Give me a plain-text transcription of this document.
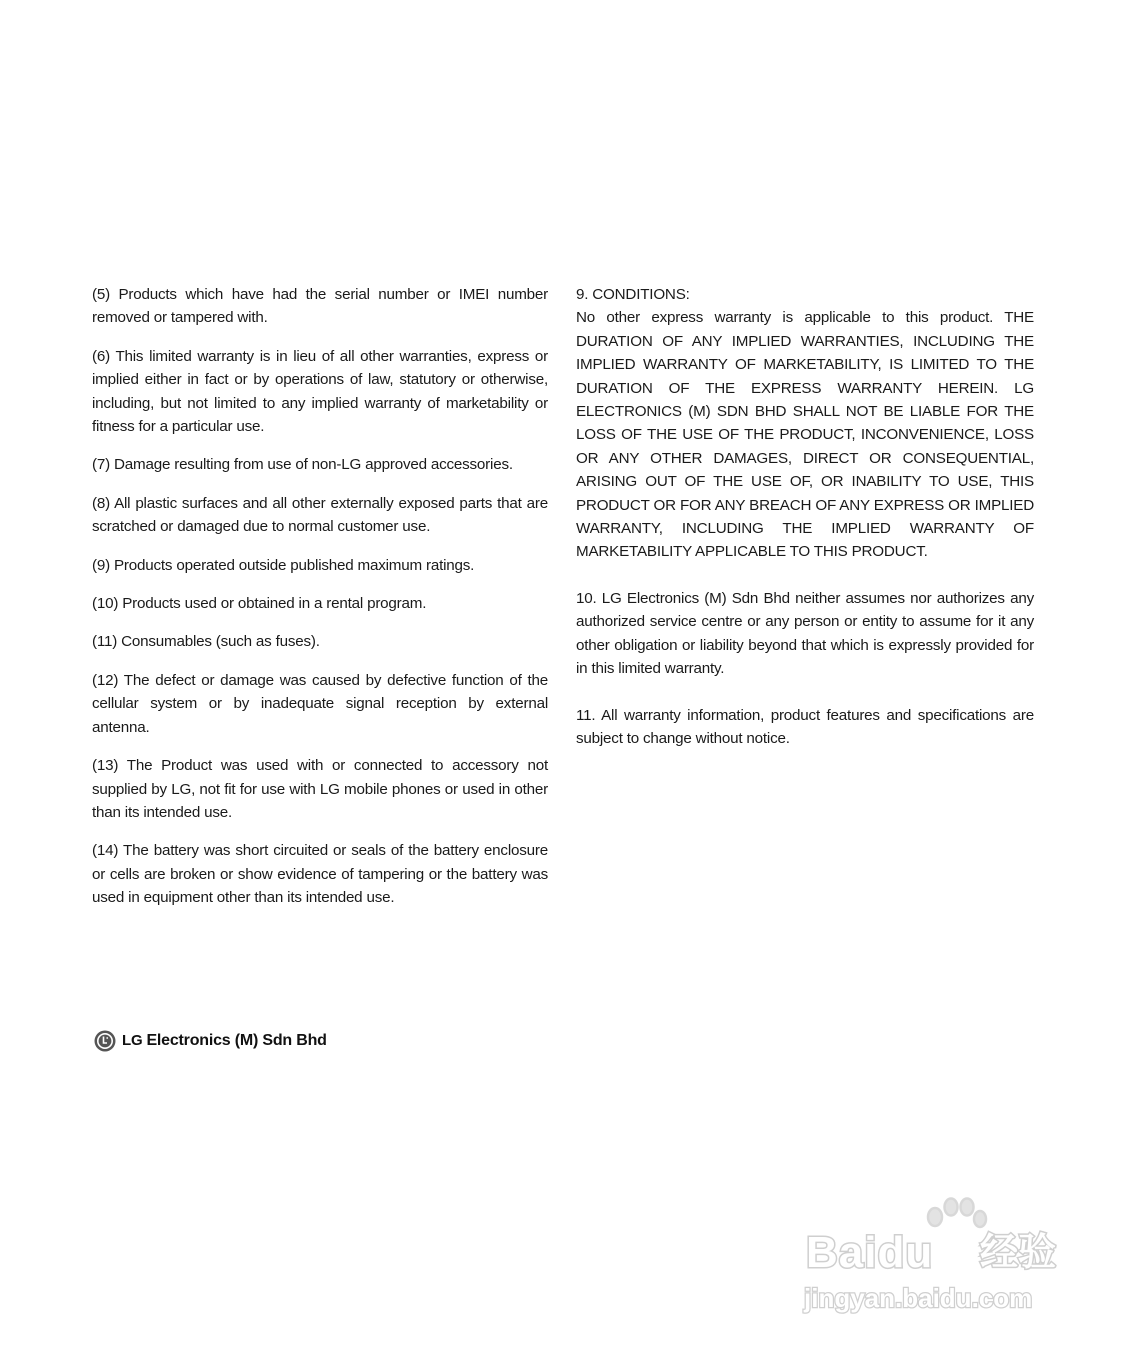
(5) Products which have had the serial number or IMEI number removed or tampered with.

(6) This limited warranty is in lieu of all other warranties, express or implied either in fact or by operations of law, statutory or otherwise, including, but not limited to any implied warranty of marketability or fitness for a particular use.

(7) Damage resulting from use of non-LG approved accessories.

(8) All plastic surfaces and all other externally exposed parts that are scratched or damaged due to normal customer use.

(9) Products operated outside published maximum ratings.

(10) Products used or obtained in a rental program.

(11) Consumables (such as fuses).

(12) The defect or damage was caused by defective function of the cellular system or by inadequate signal reception by external antenna.

(13) The Product was used with or connected to accessory not supplied by LG, not fit for use with LG mobile phones or used in other than its intended use.

(14) The battery was short circuited or seals of the battery enclosure or cells are broken or show evidence of tampering or the battery was used in equipment other than its intended use.

9. CONDITIONS:

No other express warranty is applicable to this product. THE DURATION OF ANY IMPLIED WARRANTIES, INCLUDING THE IMPLIED WARRANTY OF MARKETABILITY, IS LIMITED TO THE DURATION OF THE EXPRESS WARRANTY HEREIN. LG ELECTRONICS (M) SDN BHD SHALL NOT BE LIABLE FOR THE LOSS OF THE USE OF THE PRODUCT, INCONVENIENCE, LOSS OR ANY OTHER DAMAGES, DIRECT OR CONSEQUENTIAL, ARISING OUT OF THE USE OF, OR INABILITY TO USE, THIS PRODUCT OR FOR ANY BREACH OF ANY EXPRESS OR IMPLIED WARRANTY, INCLUDING THE IMPLIED WARRANTY OF MARKETABILITY APPLICABLE TO THIS PRODUCT.

10. LG Electronics (M) Sdn Bhd neither assumes nor authorizes any authorized service centre or any person or entity to assume for it any other obligation or liability beyond that which is expressly provided for in this limited warranty.

11. All warranty information, product features and specifications are subject to change without notice.

LG Electronics (M) Sdn Bhd
Baidu 经验
jingyan.baidu.com
